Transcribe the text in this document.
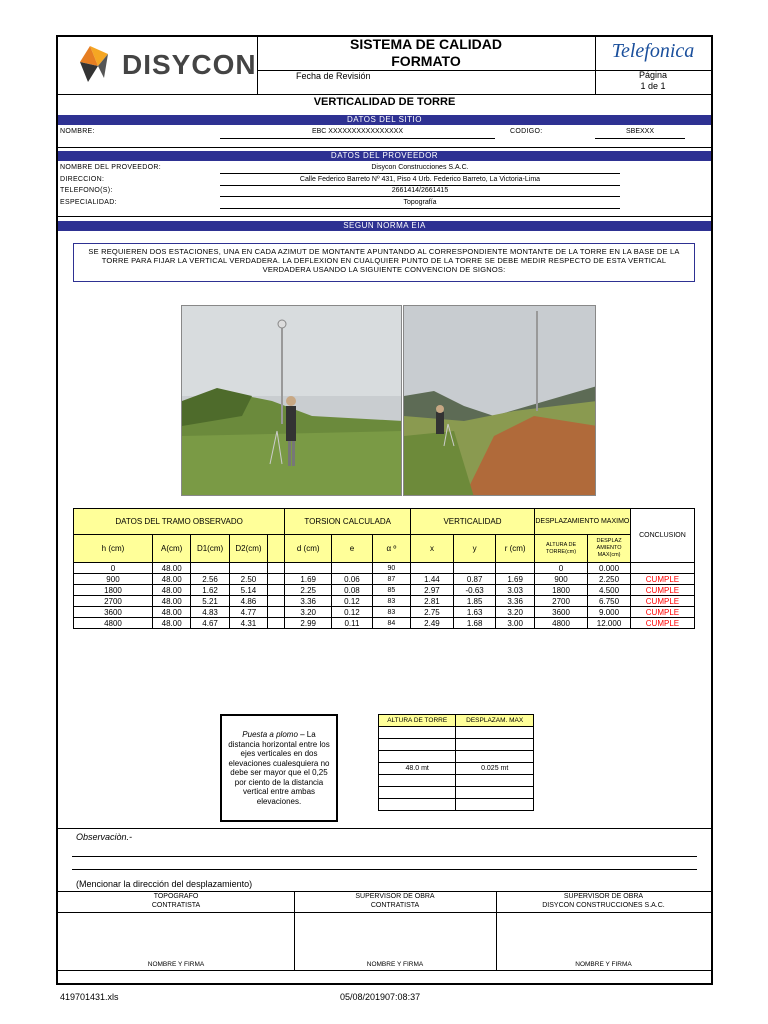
DISYCON
SISTEMA DE CALIDAD
FORMATO	Telefonica
Fecha de Revisión	Página
1 de 1
VERTICALIDAD DE TORRE
DATOS DEL SITIO
NOMBRE:	EBC XXXXXXXXXXXXXXXX	CODIGO:	SBEXXX
DATOS DEL PROVEEDOR
NOMBRE DEL PROVEEDOR:	Disycon Construcciones S.A.C.
DIRECCION:	Calle Federico Barreto Nº 431, Piso 4 Urb. Federico Barreto, La Victoria-Lima
TELEFONO(S):	2661414/2661415
ESPECIALIDAD:	Topografía
SEGUN NORMA EIA
SE REQUIEREN DOS ESTACIONES, UNA EN CADA AZIMUT DE MONTANTE APUNTANDO AL CORRESPONDIENTE MONTANTE DE LA TORRE EN LA BASE DE LA TORRE PARA FIJAR LA VERTICAL VERDADERA. LA DEFLEXION EN CUALQUIER PUNTO DE LA TORRE SE DEBE MEDIR RESPECTO DE ESTA VERTICAL VERDADERA USANDO LA SIGUIENTE CONVENCION DE SIGNOS:
DATOS DEL TRAMO OBSERVADO					TORSION CALCULADA			VERTICALIDAD			DESPLAZAMIENTO MAXIMO		CONCLUSION
h (cm)	A(cm)	D1(cm)	D2(cm)		d (cm)	e	α º	x	y	r (cm)	ALTURA DE TORRE(cm)	DESPLAZ AMIENTO MAX(cm)	
0	48.00						90				0	0.000	
900	48.00	2.56	2.50		1.69	0.06	87	1.44	0.87	1.69	900	2.250	CUMPLE
1800	48.00	1.62	5.14		2.25	0.08	85	2.97	-0.63	3.03	1800	4.500	CUMPLE
2700	48.00	5.21	4.86		3.36	0.12	83	2.81	1.85	3.36	2700	6.750	CUMPLE
3600	48.00	4.83	4.77		3.20	0.12	83	2.75	1.63	3.20	3600	9.000	CUMPLE
4800	48.00	4.67	4.31		2.99	0.11	84	2.49	1.68	3.00	4800	12.000	CUMPLE
Puesta a plomo – La distancia horizontal entre los ejes verticales en dos elevaciones cualesquiera no debe ser mayor que el 0,25 por ciento de la distancia vertical entre ambas elevaciones.
ALTURA DE TORRE	DESPLAZAM. MAX

48.0 mt	0.025 mt

Observaciòn.-
(Mencionar la dirección del desplazamiento)
TOPOGRAFO
CONTRATISTA
SUPERVISOR DE OBRA
CONTRATISTA
SUPERVISOR DE OBRA
DISYCON CONSTRUCCIONES S.A.C.
NOMBRE Y FIRMA	NOMBRE Y FIRMA	NOMBRE Y FIRMA
419701431.xls	05/08/201907:08:37
